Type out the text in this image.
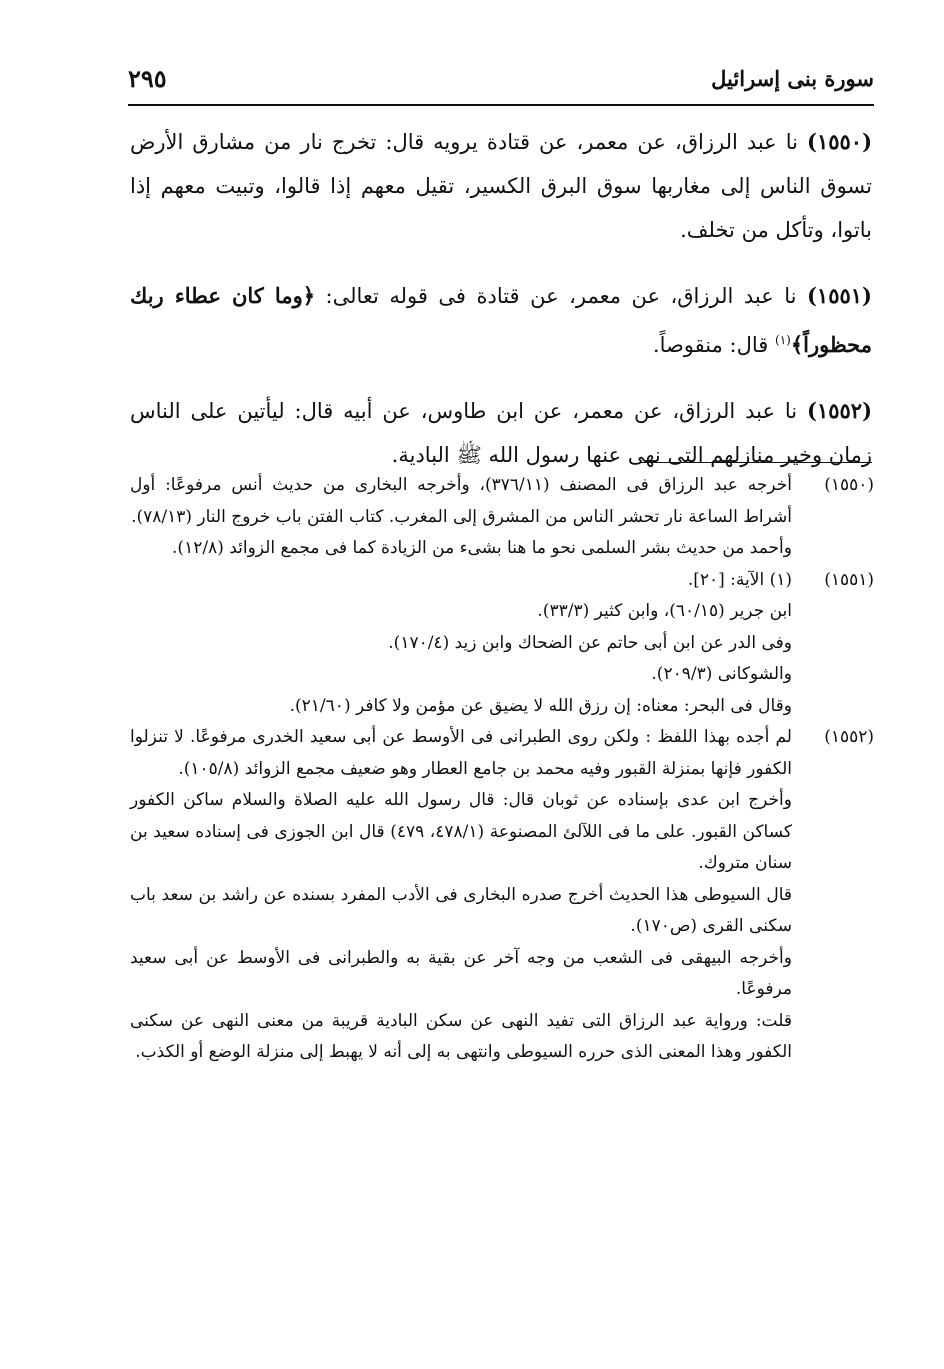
سورة بنى إسرائيل
٢٩٥

(١٥٥٠) نا عبد الرزاق، عن معمر، عن قتادة يرويه قال: تخرج نار من مشارق الأرض تسوق الناس إلى مغاربها سوق البرق الكسير، تقيل معهم إذا قالوا، وتبيت معهم إذا باتوا، وتأكل من تخلف.

(١٥٥١) نا عبد الرزاق، عن معمر، عن قتادة فى قوله تعالى: ﴿وما كان عطاء ربك محظوراً﴾$^{(١)}$ قال: منقوصاً.

(١٥٥٢) نا عبد الرزاق، عن معمر، عن ابن طاوس، عن أبيه قال: ليأتين على الناس زمان وخير منازلهم التى نهى عنها رسول الله ﷺ البادية.

(١٥٥٠)
أخرجه عبد الرزاق فى المصنف (٣٧٦/١١)، وأخرجه البخارى من حديث أنس مرفوعًا: أول أشراط الساعة نار تحشر الناس من المشرق إلى المغرب. كتاب الفتن باب خروج النار (٧٨/١٣).
وأحمد من حديث بشر السلمى نحو ما هنا بشىء من الزيادة كما فى مجمع الزوائد (١٢/٨).
(١٥٥١)
(١) الآية: [٢٠].
ابن جرير (٦٠/١٥)، وابن كثير (٣٣/٣).
وفى الدر عن ابن أبى حاتم عن الضحاك وابن زيد (١٧٠/٤).
والشوكانى (٢٠٩/٣).
وقال فى البحر: معناه: إن رزق الله لا يضيق عن مؤمن ولا كافر (٢١/٦٠).
(١٥٥٢)
لم أجده بهذا اللفظ : ولكن روى الطبرانى فى الأوسط عن أبى سعيد الخدرى مرفوعًا. لا تنزلوا الكفور فإنها بمنزلة القبور وفيه محمد بن جامع العطار وهو ضعيف مجمع الزوائد (١٠٥/٨).
وأخرج ابن عدى بإسناده عن ثوبان قال: قال رسول الله عليه الصلاة والسلام ساكن الكفور كساكن القبور. على ما فى اللآلئ المصنوعة (٤٧٨/١، ٤٧٩) قال ابن الجوزى فى إسناده سعيد بن سنان متروك.
قال السيوطى هذا الحديث أخرج صدره البخارى فى الأدب المفرد بسنده عن راشد بن سعد باب سكنى القرى (ص١٧٠).
وأخرجه البيهقى فى الشعب من وجه آخر عن بقية به والطبرانى فى الأوسط عن أبى سعيد مرفوعًا.
قلت: ورواية عبد الرزاق التى تفيد النهى عن سكن البادية قريبة من معنى النهى عن سكنى الكفور وهذا المعنى الذى حرره السيوطى وانتهى به إلى أنه لا يهبط إلى منزلة الوضع أو الكذب.
